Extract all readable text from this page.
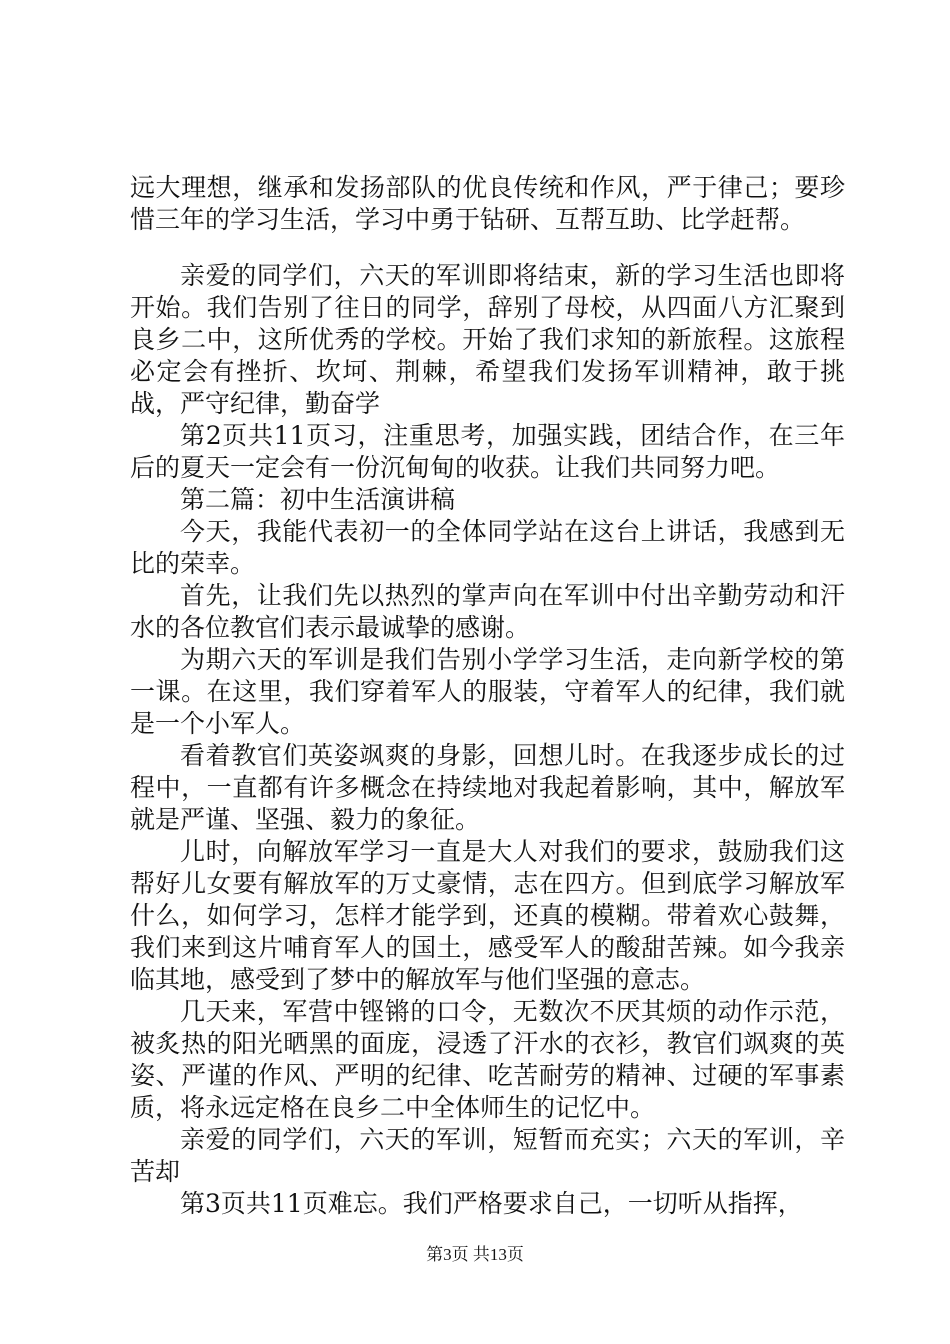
远大理想，继承和发扬部队的优良传统和作风，严于律己；要珍惜三年的学习生活，学习中勇于钻研、互帮互助、比学赶帮。

亲爱的同学们，六天的军训即将结束，新的学习生活也即将开始。我们告别了往日的同学，辞别了母校，从四面八方汇聚到良乡二中，这所优秀的学校。开始了我们求知的新旅程。这旅程必定会有挫折、坎坷、荆棘，希望我们发扬军训精神，敢于挑战，严守纪律，勤奋学

第2页共11页习，注重思考，加强实践，团结合作，在三年后的夏天一定会有一份沉甸甸的收获。让我们共同努力吧。

第二篇：初中生活演讲稿

今天，我能代表初一的全体同学站在这台上讲话，我感到无比的荣幸。

首先，让我们先以热烈的掌声向在军训中付出辛勤劳动和汗水的各位教官们表示最诚挚的感谢。

为期六天的军训是我们告别小学学习生活，走向新学校的第一课。在这里，我们穿着军人的服装，守着军人的纪律，我们就是一个小军人。

看着教官们英姿飒爽的身影，回想儿时。在我逐步成长的过程中，一直都有许多概念在持续地对我起着影响，其中，解放军就是严谨、坚强、毅力的象征。

儿时，向解放军学习一直是大人对我们的要求，鼓励我们这帮好儿女要有解放军的万丈豪情，志在四方。但到底学习解放军什么，如何学习，怎样才能学到，还真的模糊。带着欢心鼓舞，我们来到这片哺育军人的国土，感受军人的酸甜苦辣。如今我亲临其地，感受到了梦中的解放军与他们坚强的意志。

几天来，军营中铿锵的口令，无数次不厌其烦的动作示范，被炙热的阳光晒黑的面庞，浸透了汗水的衣衫，教官们飒爽的英姿、严谨的作风、严明的纪律、吃苦耐劳的精神、过硬的军事素质，将永远定格在良乡二中全体师生的记忆中。

亲爱的同学们，六天的军训，短暂而充实；六天的军训，辛苦却

第3页共11页难忘。我们严格要求自己，一切听从指挥，

第3页 共13页
